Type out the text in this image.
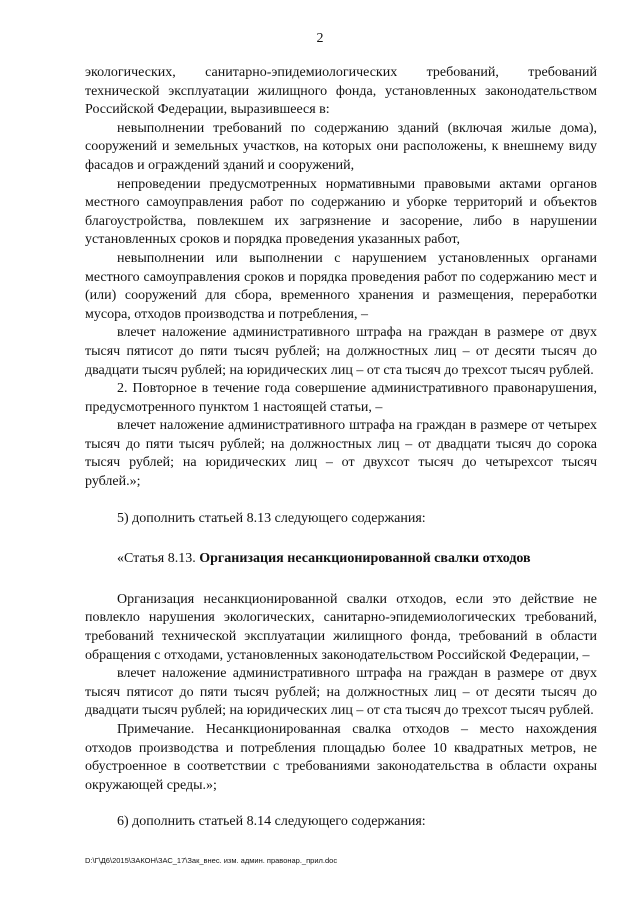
2

экологических, санитарно-эпидемиологических требований, требований технической эксплуатации жилищного фонда, установленных законодательством Российской Федерации, выразившееся в:

невыполнении требований по содержанию зданий (включая жилые дома), сооружений и земельных участков, на которых они расположены, к внешнему виду фасадов и ограждений зданий и сооружений,

непроведении предусмотренных нормативными правовыми актами органов местного самоуправления работ по содержанию и уборке территорий и объектов благоустройства, повлекшем их загрязнение и засорение, либо в нарушении установленных сроков и порядка проведения указанных работ,

невыполнении или выполнении с нарушением установленных органами местного самоуправления сроков и порядка проведения работ по содержанию мест и (или) сооружений для сбора, временного хранения и размещения, переработки мусора, отходов производства и потребления, –

влечет наложение административного штрафа на граждан в размере от двух тысяч пятисот до пяти тысяч рублей; на должностных лиц – от десяти тысяч до двадцати тысяч рублей; на юридических лиц – от ста тысяч до трехсот тысяч рублей.

2. Повторное в течение года совершение административного правонарушения, предусмотренного пунктом 1 настоящей статьи, –

влечет наложение административного штрафа на граждан в размере от четырех тысяч до пяти тысяч рублей; на должностных лиц – от двадцати тысяч до сорока тысяч рублей; на юридических лиц – от двухсот тысяч до четырехсот тысяч рублей.»;

5) дополнить статьей 8.13 следующего содержания:

«Статья 8.13. Организация несанкционированной свалки отходов

Организация несанкционированной свалки отходов, если это действие не повлекло нарушения экологических, санитарно-эпидемиологических требований, требований технической эксплуатации жилищного фонда, требований в области обращения с отходами, установленных законодательством Российской Федерации, –

влечет наложение административного штрафа на граждан в размере от двух тысяч пятисот до пяти тысяч рублей; на должностных лиц – от десяти тысяч до двадцати тысяч рублей; на юридических лиц – от ста тысяч до трехсот тысяч рублей.

Примечание. Несанкционированная свалка отходов – место нахождения отходов производства и потребления площадью более 10 квадратных метров, не обустроенное в соответствии с требованиями законодательства в области охраны окружающей среды.»;

6) дополнить статьей 8.14 следующего содержания:

D:\Г\Д6\2015\ЗАКОН\ЗАС_17\Зак_внес. изм. админ. правонар._прил.doc
